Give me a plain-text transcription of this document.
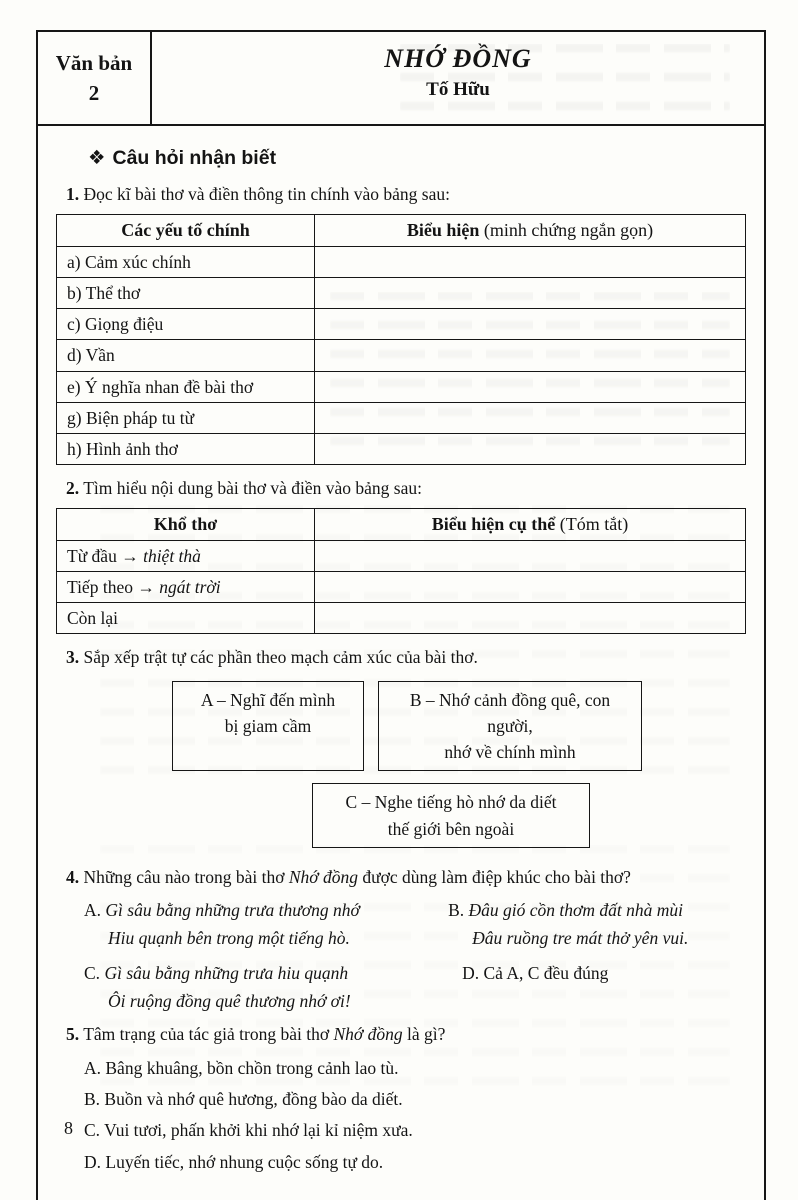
Văn bản
2
NHỚ ĐỒNG
Tố Hữu
❖ Câu hỏi nhận biết

1. Đọc kĩ bài thơ và điền thông tin chính vào bảng sau:

Các yếu tố chính	Biểu hiện (minh chứng ngắn gọn)
a) Cảm xúc chính	
b) Thể thơ	
c) Giọng điệu	
d) Vần	
e) Ý nghĩa nhan đề bài thơ	
g) Biện pháp tu từ	
h) Hình ảnh thơ	

2. Tìm hiểu nội dung bài thơ và điền vào bảng sau:

Khổ thơ	Biểu hiện cụ thể (Tóm tắt)
Từ đầu → thiệt thà	
Tiếp theo → ngát trời	
Còn lại	

3. Sắp xếp trật tự các phần theo mạch cảm xúc của bài thơ.

A – Nghĩ đến mình
bị giam cầm
B – Nhớ cảnh đồng quê, con người,
nhớ về chính mình
C – Nghe tiếng hò nhớ da diết
thế giới bên ngoài

4. Những câu nào trong bài thơ Nhớ đồng được dùng làm điệp khúc cho bài thơ?

A. Gì sâu bằng những trưa thương nhớ
Hiu quạnh bên trong một tiếng hò.
B. Đâu gió cồn thơm đất nhà mùi
Đâu ruồng tre mát thở yên vui.
C. Gì sâu bằng những trưa hiu quạnh
Ôi ruộng đồng quê thương nhớ ơi!
D. Cả A, C đều đúng

5. Tâm trạng của tác giả trong bài thơ Nhớ đồng là gì?

A. Bâng khuâng, bồn chồn trong cảnh lao tù.

B. Buồn và nhớ quê hương, đồng bào da diết.

C. Vui tươi, phấn khởi khi nhớ lại kỉ niệm xưa.

D. Luyến tiếc, nhớ nhung cuộc sống tự do.

8
